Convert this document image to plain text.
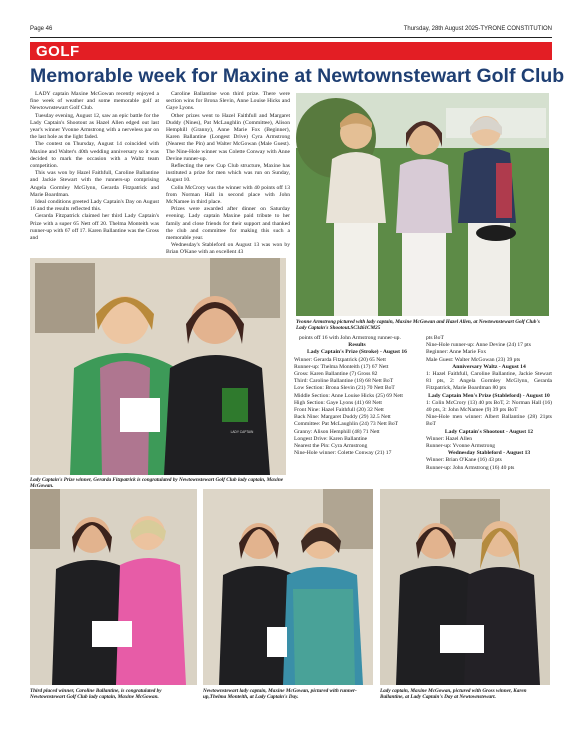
Page 46	Thursday, 28th August 2025-TYRONE CONSTITUTION
GOLF
Memorable week for Maxine at Newtownstewart Golf Club

LADY captain Maxine McGowan recently enjoyed a fine week of weather and some memorable golf at Newtownstewart Golf Club.

Tuesday evening, August 12, saw an epic battle for the Lady Captain's Shootout as Hazel Allen edged out last year's winner Yvonne Armstrong with a nerveless par on the last hole as the light faded.

The contest on Thursday, August 14 coincided with Maxine and Walter's 40th wedding anniversary so it was decided to mark the occasion with a Waltz team competition.

This was won by Hazel Faithfull, Caroline Ballantine and Jackie Stewart with the runners-up comprising Angela Gormley McGlynn, Gerarda Fitzpatrick and Marie Boardman.

Ideal conditions greeted Lady Captain's Day on August 16 and the results reflected this.

Gerarda Fitzpatrick claimed her third Lady Captain's Prize with a super 65 Nett off 20. Thelma Monteith was runner-up with 67 off 17. Karen Ballantine was the Gross and

Caroline Ballantine won third prize. There were section wins for Brona Slevin, Anne Louise Hicks and Gaye Lyons.

Other prizes went to Hazel Faithfull and Margaret Duddy (Nines), Pat McLaughlin (Committee), Alison Hemphill (Granny), Anne Marie Fox (Beginner), Karen Ballantine (Longest Drive) Cyra Armstrong (Nearest the Pin) and Walter McGowan (Male Guest). The Nine-Hole winner was Colette Conway with Anne Devine runner-up.

Reflecting the new Cup Club structure, Maxine has instituted a prize for men which was run on Sunday, August 10.

Colin McCrory was the winner with 40 points off 13 from Norman Hall in second place with John McNamee in third place.

Prizes were awarded after dinner on Saturday evening. Lady captain Maxine paid tribute to her family and close friends for their support and thanked the club and committee for making this such a memorable year.

Wednesday's Stableford on August 13 was won by Brian O'Kane with an excellent 43

Yvonne Armstrong pictured with lady captain, Maxine McGowan and Hazel Allen, at Newtownstewart Golf Club's Lady Captain's Shootout.SC3461CM25
LADY CAPTAIN
Lady Captain's Prize winner, Gerarda Fitzpatrick is congratulated by Newtownstewart Golf Club lady captain, Maxine McGowan.

points off 16 with John Armstrong runner-up.

Results

Lady Captain's Prize (Stroke) - August 16

Winner: Gerarda Fitzpatrick (20) 65 Nett

Runner-up: Thelma Monteith (17) 67 Nett

Gross: Karen Ballantine (7) Gross 82

Third: Caroline Ballantine (18) 68 Nett BoT

Low Section: Brona Slevin (21) 70 Nett BoT

Middle Section: Anne Louise Hicks (25) 69 Nett

High Section: Gaye Lyons (41) 68 Nett

Front Nine: Hazel Faithfull (20) 32 Nett

Back Nine: Margaret Duddy (29) 32.5 Nett

Committee: Pat McLaughlin (24) 73 Nett BoT

Granny: Alison Hemphill (48) 71 Nett

Longest Drive: Karen Ballantine

Nearest the Pin: Cyra Armstrong

Nine-Hole winner: Colette Conway (21) 17

pts BoT

Nine-Hole runner-up: Anne Devine (24) 17 pts

Beginner: Anne Marie Fox

Male Guest: Walter McGowan (23) 39 pts

Anniversary Waltz - August 14

1: Hazel Faithfull, Caroline Ballantine, Jackie Stewart 81 pts, 2: Angela Gormley McGlynn, Gerarda Fitzpatrick, Marie Boardman 80 pts

Lady Captain Men's Prize (Stableford) - August 10

1: Colin McCrory (13) 40 pts BoT, 2: Norman Hall (16) 40 pts, 3: John McNamee (9) 39 pts BoT

Nine-Hole men winner: Albert Ballantine (28) 21pts BoT

Lady Captain's Shootout - August 12

Winner: Hazel Allen

Runner-up: Yvonne Armstrong

Wednesday Stableford - August 13

Winner: Brian O'Kane (16) 43 pts

Runner-up: John Armstrong (16) 40 pts

Third placed winner, Caroline Ballantine, is congratulated by Newtownstewart Golf Club lady captain, Maxine McGowan.
Newtownstewart lady captain, Maxine McGowan, pictured with runner-up,Thelma Monteith, at Lady Captain's Day.
Lady captain, Maxine McGowan, pictured with Gross winner, Karen Ballantine, at Lady Captain's Day at Newtownstewart.
